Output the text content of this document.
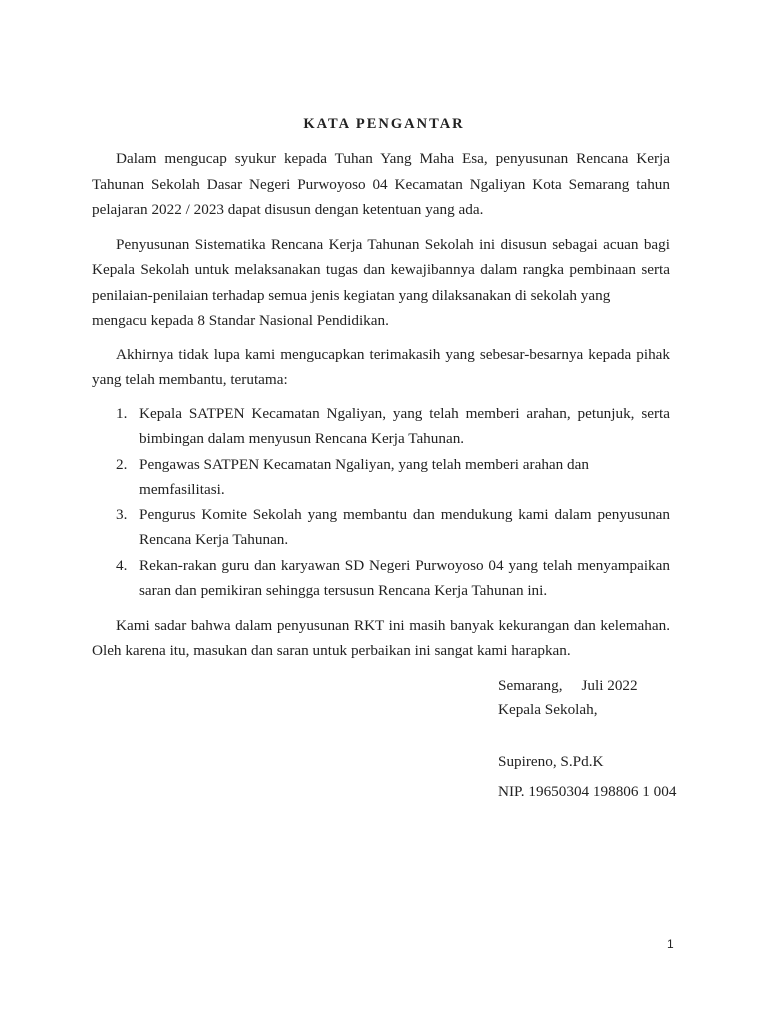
KATA PENGANTAR
Dalam mengucap syukur kepada Tuhan Yang Maha Esa, penyusunan Rencana Kerja
Tahunan Sekolah Dasar Negeri Purwoyoso 04 Kecamatan Ngaliyan Kota Semarang tahun
pelajaran 2022 / 2023 dapat disusun dengan ketentuan yang ada.
Penyusunan Sistematika Rencana Kerja Tahunan Sekolah ini disusun sebagai acuan bagi
Kepala Sekolah untuk melaksanakan tugas dan kewajibannya dalam rangka pembinaan serta
penilaian-penilaian terhadap semua jenis kegiatan yang dilaksanakan di sekolah yang
mengacu kepada 8 Standar Nasional Pendidikan.
Akhirnya tidak lupa kami mengucapkan terimakasih yang sebesar-besarnya kepada pihak
yang telah membantu, terutama:
1. Kepala SATPEN Kecamatan Ngaliyan, yang telah memberi arahan, petunjuk, serta
bimbingan dalam menyusun Rencana Kerja Tahunan.
2. Pengawas SATPEN Kecamatan Ngaliyan, yang telah memberi arahan dan
memfasilitasi.
3. Pengurus Komite Sekolah yang membantu dan mendukung kami dalam penyusunan
Rencana Kerja Tahunan.
4. Rekan-rakan guru dan karyawan SD Negeri Purwoyoso 04 yang telah menyampaikan
saran dan pemikiran sehingga tersusun Rencana Kerja Tahunan ini.
Kami sadar bahwa dalam penyusunan RKT ini masih banyak kekurangan dan kelemahan.
Oleh karena itu, masukan dan saran untuk perbaikan ini sangat kami harapkan.
Semarang,     Juli 2022
Kepala Sekolah,
Supireno, S.Pd.K
NIP. 19650304 198806 1 004
1
